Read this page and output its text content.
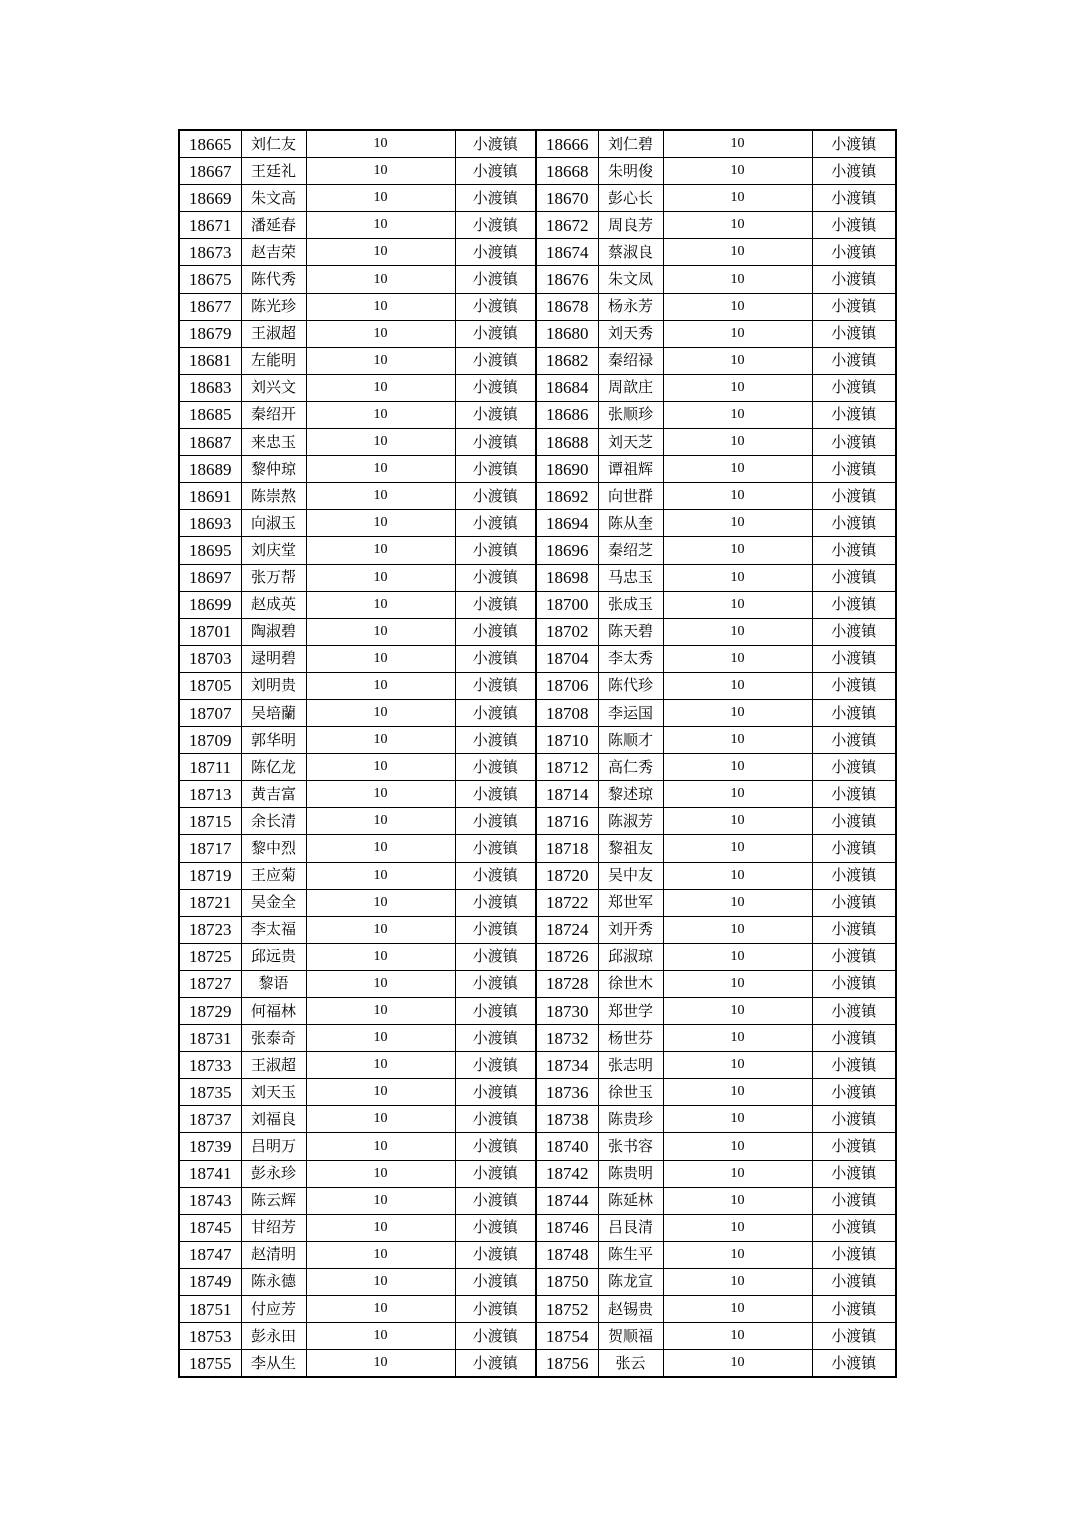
18665	刘仁友	10	小渡镇	18666	刘仁碧	10	小渡镇
18667	王廷礼	10	小渡镇	18668	朱明俊	10	小渡镇
18669	朱文高	10	小渡镇	18670	彭心长	10	小渡镇
18671	潘延春	10	小渡镇	18672	周良芳	10	小渡镇
18673	赵吉荣	10	小渡镇	18674	蔡淑良	10	小渡镇
18675	陈代秀	10	小渡镇	18676	朱文凤	10	小渡镇
18677	陈光珍	10	小渡镇	18678	杨永芳	10	小渡镇
18679	王淑超	10	小渡镇	18680	刘天秀	10	小渡镇
18681	左能明	10	小渡镇	18682	秦绍禄	10	小渡镇
18683	刘兴文	10	小渡镇	18684	周歆庄	10	小渡镇
18685	秦绍开	10	小渡镇	18686	张顺珍	10	小渡镇
18687	来忠玉	10	小渡镇	18688	刘天芝	10	小渡镇
18689	黎仲琼	10	小渡镇	18690	谭祖辉	10	小渡镇
18691	陈崇熬	10	小渡镇	18692	向世群	10	小渡镇
18693	向淑玉	10	小渡镇	18694	陈从奎	10	小渡镇
18695	刘庆堂	10	小渡镇	18696	秦绍芝	10	小渡镇
18697	张万帮	10	小渡镇	18698	马忠玉	10	小渡镇
18699	赵成英	10	小渡镇	18700	张成玉	10	小渡镇
18701	陶淑碧	10	小渡镇	18702	陈天碧	10	小渡镇
18703	逯明碧	10	小渡镇	18704	李太秀	10	小渡镇
18705	刘明贵	10	小渡镇	18706	陈代珍	10	小渡镇
18707	吴培蘭	10	小渡镇	18708	李运国	10	小渡镇
18709	郭华明	10	小渡镇	18710	陈顺才	10	小渡镇
18711	陈亿龙	10	小渡镇	18712	高仁秀	10	小渡镇
18713	黄吉富	10	小渡镇	18714	黎述琼	10	小渡镇
18715	余长清	10	小渡镇	18716	陈淑芳	10	小渡镇
18717	黎中烈	10	小渡镇	18718	黎祖友	10	小渡镇
18719	王应菊	10	小渡镇	18720	吴中友	10	小渡镇
18721	吴金全	10	小渡镇	18722	郑世军	10	小渡镇
18723	李太福	10	小渡镇	18724	刘开秀	10	小渡镇
18725	邱远贵	10	小渡镇	18726	邱淑琼	10	小渡镇
18727	黎语	10	小渡镇	18728	徐世木	10	小渡镇
18729	何福林	10	小渡镇	18730	郑世学	10	小渡镇
18731	张泰奇	10	小渡镇	18732	杨世芬	10	小渡镇
18733	王淑超	10	小渡镇	18734	张志明	10	小渡镇
18735	刘天玉	10	小渡镇	18736	徐世玉	10	小渡镇
18737	刘福良	10	小渡镇	18738	陈贵珍	10	小渡镇
18739	吕明万	10	小渡镇	18740	张书容	10	小渡镇
18741	彭永珍	10	小渡镇	18742	陈贵明	10	小渡镇
18743	陈云辉	10	小渡镇	18744	陈延林	10	小渡镇
18745	甘绍芳	10	小渡镇	18746	吕艮清	10	小渡镇
18747	赵清明	10	小渡镇	18748	陈生平	10	小渡镇
18749	陈永德	10	小渡镇	18750	陈龙宣	10	小渡镇
18751	付应芳	10	小渡镇	18752	赵锡贵	10	小渡镇
18753	彭永田	10	小渡镇	18754	贺顺福	10	小渡镇
18755	李从生	10	小渡镇	18756	张云	10	小渡镇
